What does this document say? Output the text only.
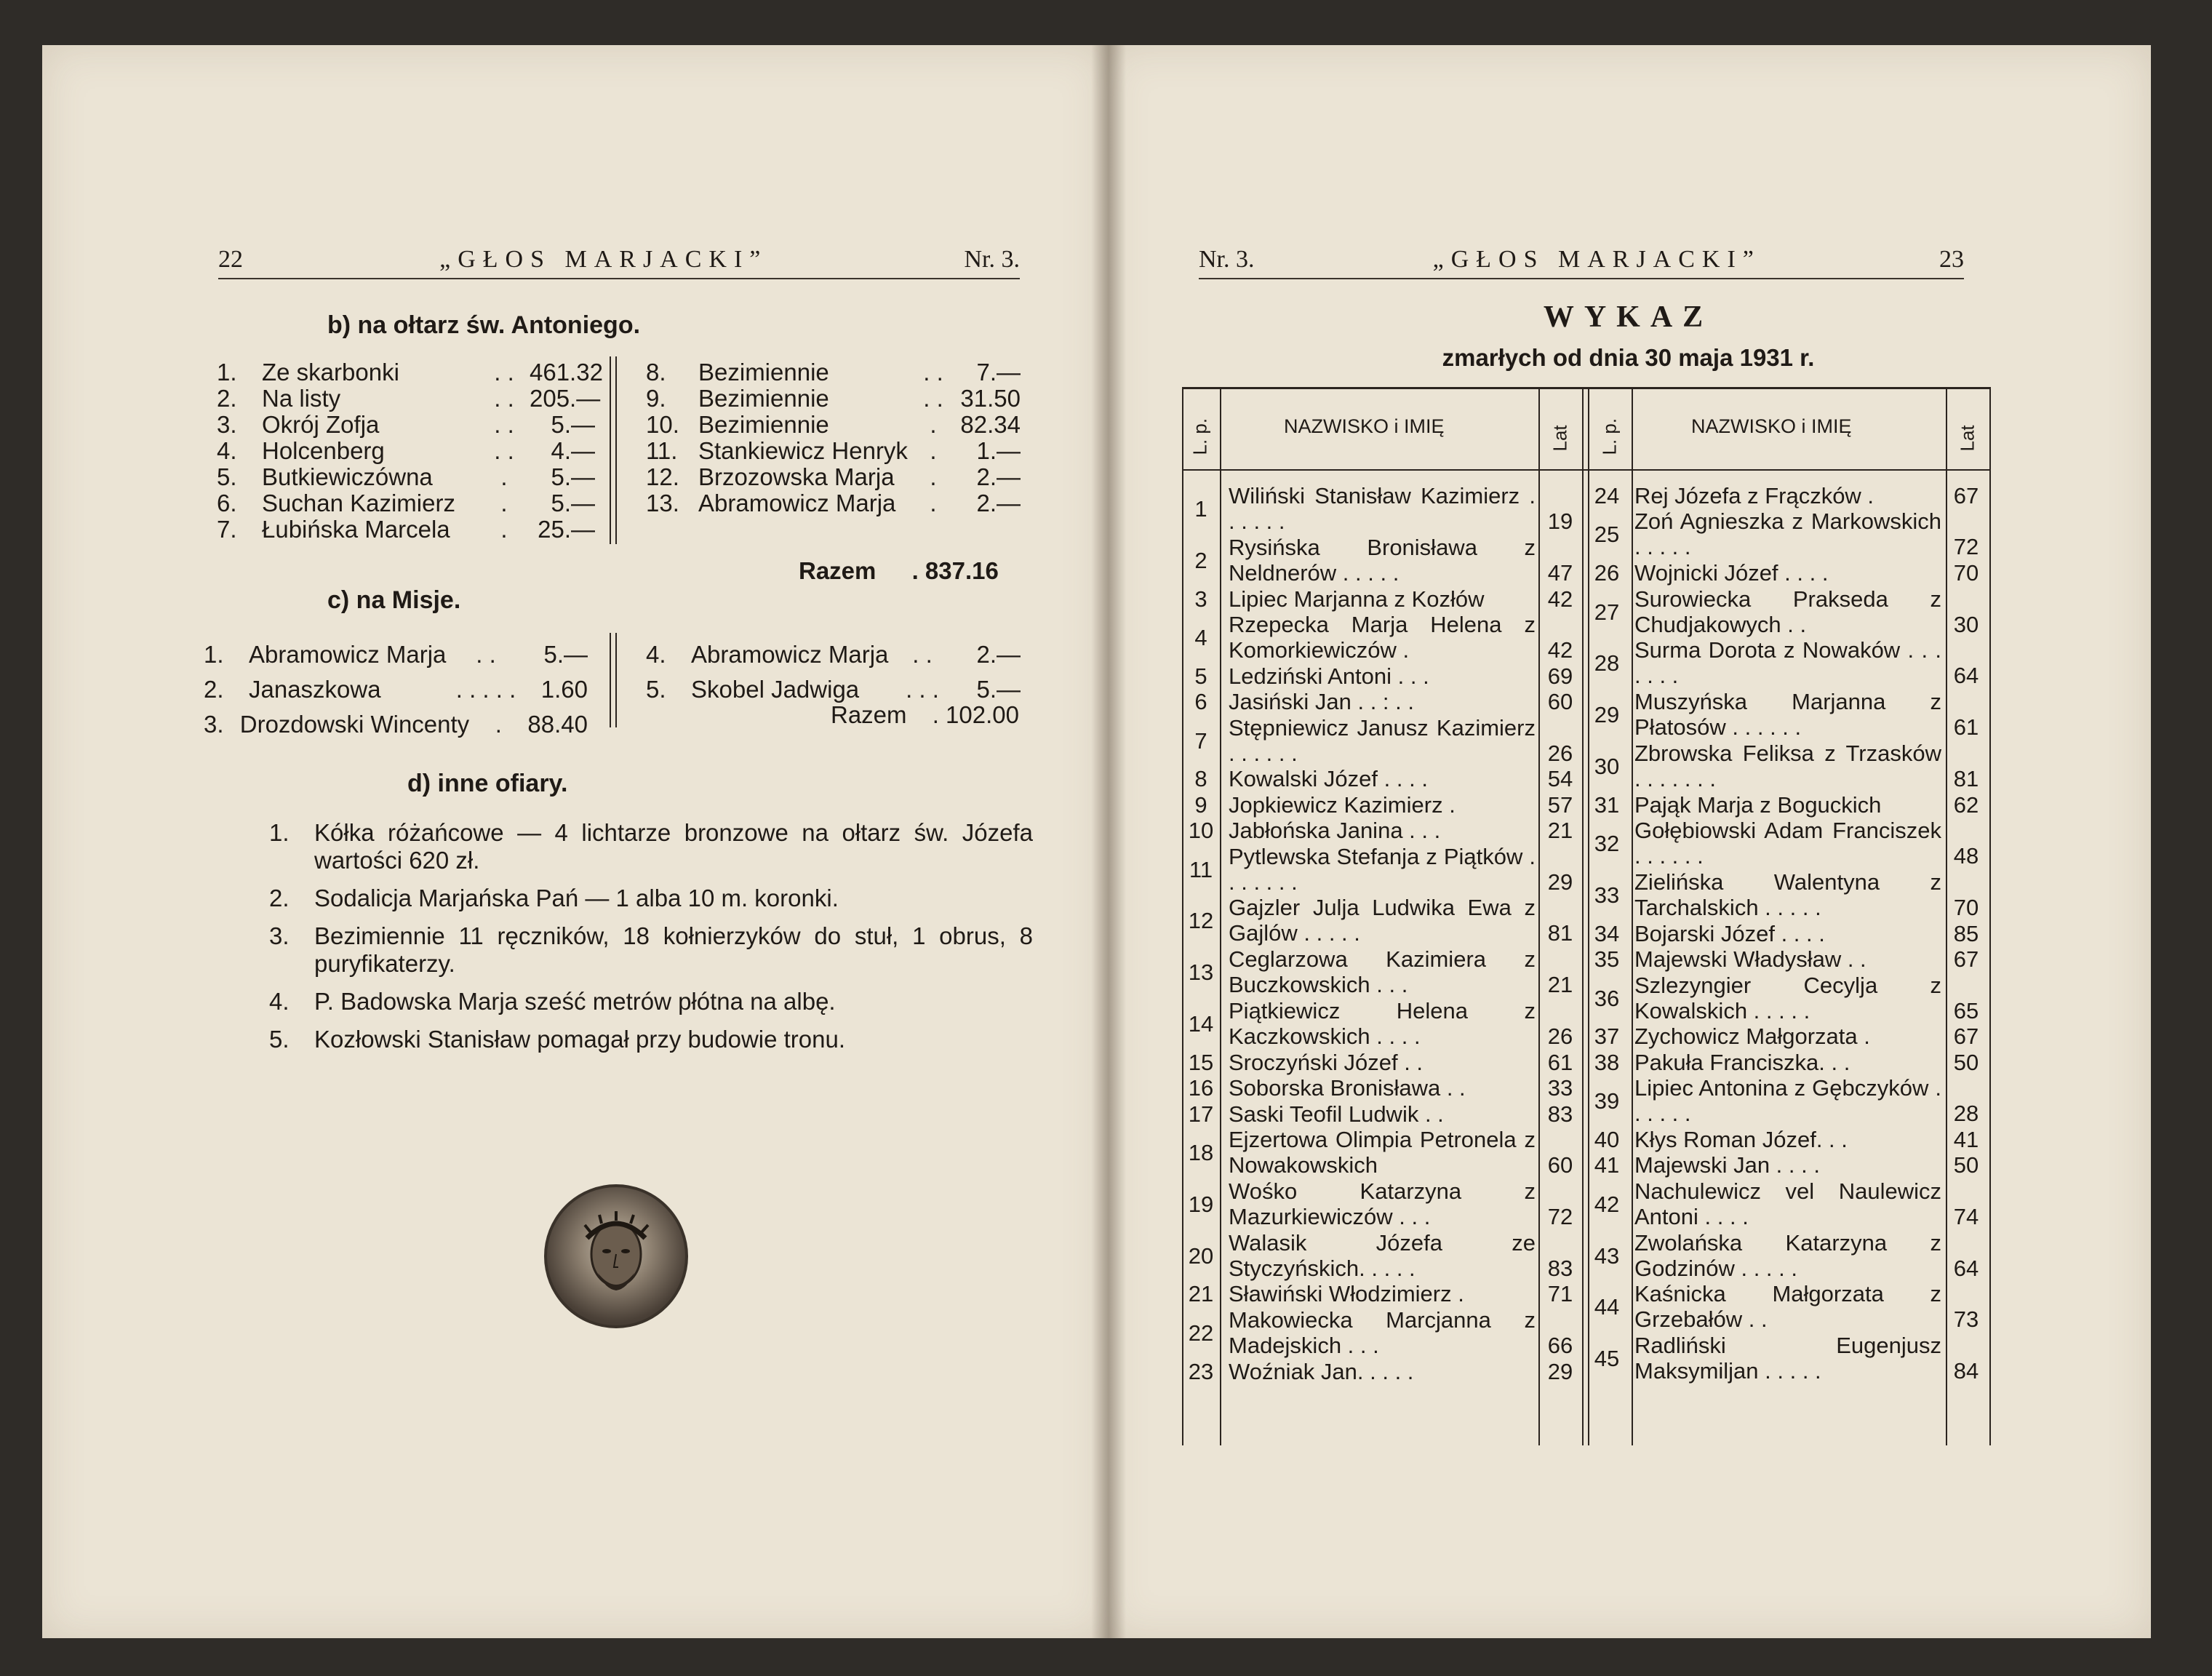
22	„GŁOS MARJACKI”	Nr. 3.
b) na ołtarz św. Antoniego.
1.	Ze skarbonki	. . 461.32
2.	Na listy	. . 205.—
3.	Okrój Zofja	. .	5.—
4.	Holcenberg	. .	4.—
5.	Butkiewiczówna	.	5.—
6.	Suchan Kazimierz	.	5.—
7.	Łubińska Marcela	.	25.—
8.	Bezimiennie	. .	7.—
9.	Bezimiennie	. . 31.50
10. Bezimiennie	. 82.34
11. Stankiewicz Henryk .	1.—
12. Brzozowska Marja	.	2.—
13. Abramowicz Marja	.	2.—
Razem . 837.16
c) na Misje.
1.	Abramowicz Marja	. .	5.—
2.	Janaszkowa	. . . . .	1.60
3. Drozdowski Wincenty	.	88.40
4.	Abramowicz Marja . .	2.—
5.	Skobel Jadwiga	. . .	5.—
Razem . 102.00
d) inne ofiary.
1.	Kółka różańcowe — 4 lichtarze bronzowe na ołtarz św. Józefa wartości 620 zł.
2.	Sodalicja Marjańska Pań — 1 alba 10 m. koronki.
3.	Bezimiennie 11 ręczników, 18 kołnierzyków do stuł, 1 obrus, 8 puryfikaterzy.
4.	P. Badowska Marja sześć metrów płótna na albę.
5.	Kozłowski Stanisław pomagał przy budowie tronu.
Nr. 3.	„GŁOS MARJACKI”	23
WYKAZ
zmarłych od dnia 30 maja 1931 r.
L. p.	NAZWISKO i IMIĘ	Lat L. p.	NAZWISKO i IMIĘ	Lat
1
Wiliński Stanisław Kazimierz . . . . . .	19
2
Rysińska Bronisława z Neldnerów . . . . .	47
3 Lipiec Marjanna z Kozłów	42
4
Rzepecka Marja Helena z Komorkiewiczów .	42
5 Ledziński Antoni . . .	69
6 Jasiński Jan . . : . .	60
7
Stępniewicz Janusz Kazimierz . . . . . .	26
8 Kowalski Józef . . . .	54
9 Jopkiewicz Kazimierz .	57
10 Jabłońska Janina . . .	21
11
Pytlewska Stefanja z Piątków . . . . . . .	29
12
Gajzler Julja Ludwika Ewa z Gajlów . . . . .	81
13
Ceglarzowa Kazimiera z Buczkowskich . . .	21
14
Piątkiewicz Helena z Kaczkowskich . . . .	26
15 Sroczyński Józef . .	61
16 Soborska Bronisława . .	33
17 Saski Teofil Ludwik . .	83
18
Ejzertowa Olimpia Petronela z Nowakowskich	60
19
Wośko Katarzyna z Mazurkiewiczów . . .	72
20
Walasik Józefa ze Styczyńskich. . . . .	83
21 Sławiński Włodzimierz .	71
22
Makowiecka Marcjanna z Madejskich . . .	66
23 Woźniak Jan. . . . .	29
24 Rej Józefa z Frączków .	67
25
Zoń Agnieszka z Markowskich . . . . .	72
26 Wojnicki Józef . . . .	70
27
Surowiecka Prakseda z Chudjakowych . .	30
28
Surma Dorota z Nowaków . . . . . . .	64
29
Muszyńska Marjanna z Płatosów . . . . . .	61
30
Zbrowska Feliksa z Trzasków . . . . . . .	81
31 Pająk Marja z Boguckich	62
32
Gołębiowski Adam Franciszek . . . . . .	48
33
Zielińska Walentyna z Tarchalskich . . . . .	70
34 Bojarski Józef . . . .	85
35 Majewski Władysław . .	67
36
Szlezyngier Cecylja z Kowalskich . . . . .	65
37 Zychowicz Małgorzata .	67
38 Pakuła Franciszka. . .	50
39
Lipiec Antonina z Gębczyków . . . . . .	28
40 Kłys Roman Józef. . .	41
41 Majewski Jan . . . .	50
42
Nachulewicz vel Naulewicz Antoni . . . .	74
43
Zwolańska Katarzyna z Godzinów . . . . .	64
44
Kaśnicka Małgorzata z Grzebałów . .	73
45
Radliński Eugenjusz Maksymiljan . . . . .	84
